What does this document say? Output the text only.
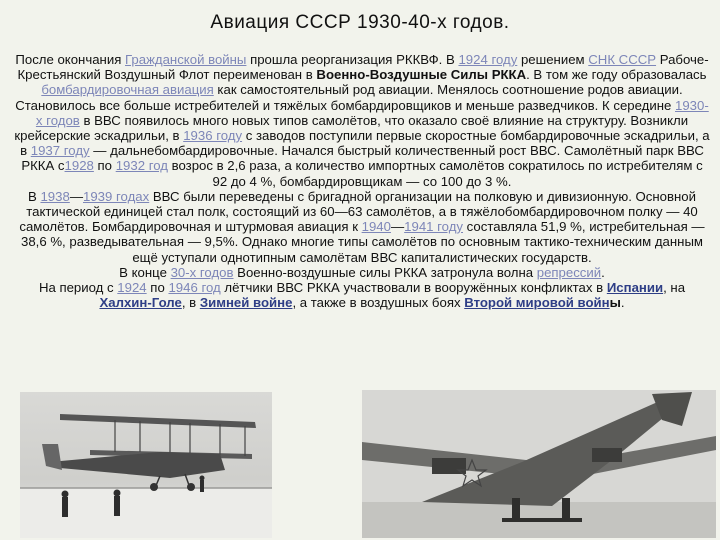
Авиация СССР 1930-40-х годов.

После окончания Гражданской войны прошла реорганизация РККВФ. В 1924 году решением СНК СССР Рабоче-Крестьянский Воздушный Флот переименован в Военно-Воздушные Силы РККА. В том же году образовалась бомбардировочная авиация как самостоятельный род авиации. Менялось соотношение родов авиации. Становилось все больше истребителей и тяжёлых бомбардировщиков и меньше разведчиков. К середине 1930-х годов в ВВС появилось много новых типов самолётов, что оказало своё влияние на структуру. Возникли крейсерские эскадрильи, в 1936 году с заводов поступили первые скоростные бомбардировочные эскадрильи, а в 1937 году — дальнебомбардировочные. Начался быстрый количественный рост ВВС. Самолётный парк ВВС РККА с1928 по 1932 год возрос в 2,6 раза, а количество импортных самолётов сократилось по истребителям с 92 до 4 %, бомбардировщикам — со 100 до 3 %.

В 1938—1939 годах ВВС были переведены с бригадной организации на полковую и дивизионную. Основной тактической единицей стал полк, состоящий из 60—63 самолётов, а в тяжёлобомбардировочном полку — 40 самолётов. Бомбардировочная и штурмовая авиация к 1940—1941 году составляла 51,9 %, истребительная — 38,6 %, разведывательная — 9,5%. Однако многие типы самолётов по основным тактико-техническим данным ещё уступали однотипным самолётам ВВС капиталистических государств.

В конце 30-х годов Военно-воздушные силы РККА затронула волна репрессий.

На период с 1924 по 1946 год лётчики ВВС РККА участвовали в вооружённых конфликтах в Испании, на Халхин-Голе, в Зимней войне, а также в воздушных боях Второй мировой войны.
